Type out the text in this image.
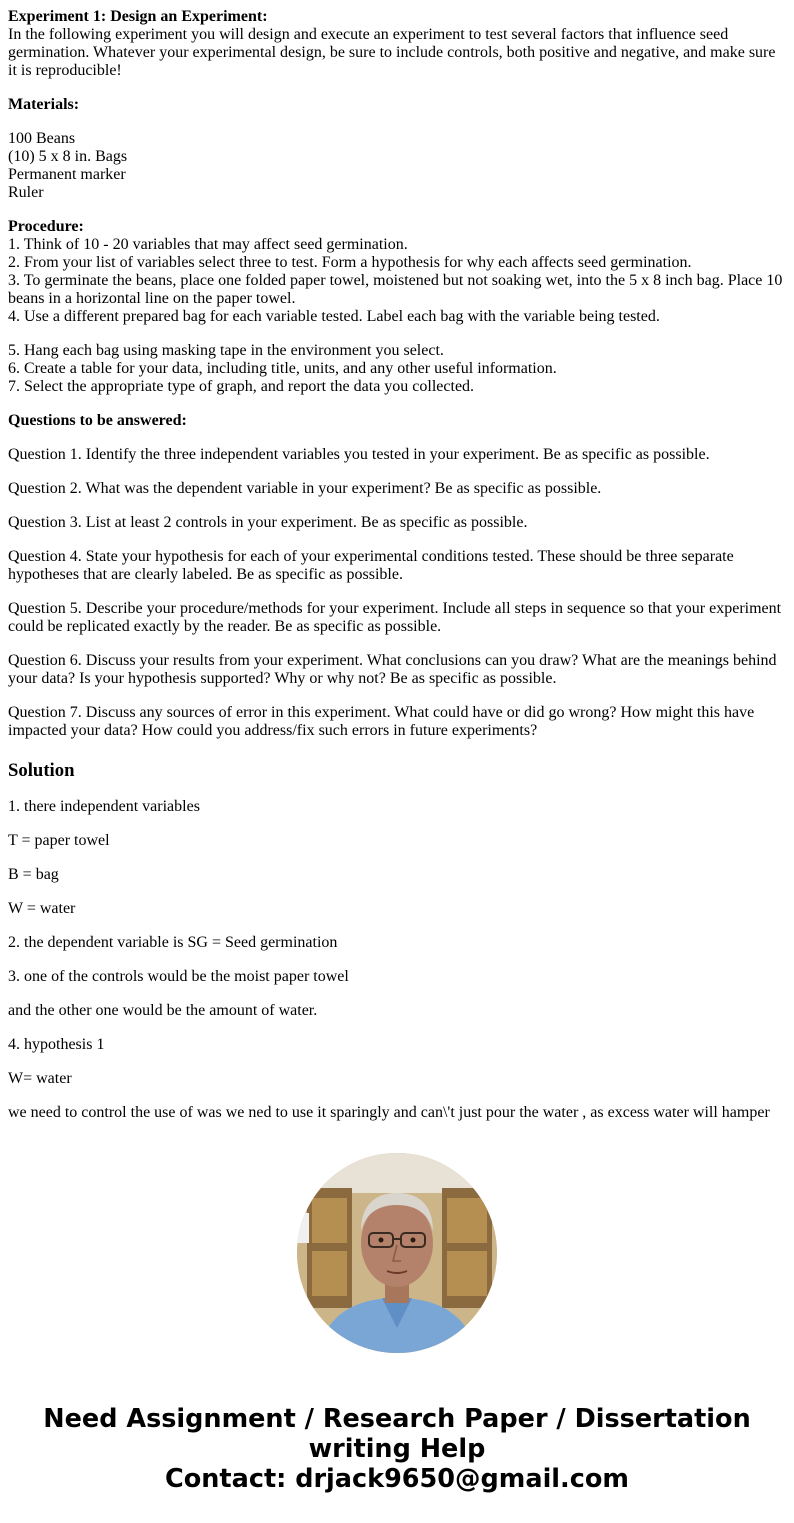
Experiment 1: Design an Experiment:
In the following experiment you will design and execute an experiment to test several factors that influence seed germination. Whatever your experimental design, be sure to include controls, both positive and negative, and make sure it is reproducible!

Materials:

100 Beans
(10) 5 x 8 in. Bags
Permanent marker
Ruler

Procedure:
1. Think of 10 - 20 variables that may affect seed germination.
2. From your list of variables select three to test. Form a hypothesis for why each affects seed germination.
3. To germinate the beans, place one folded paper towel, moistened but not soaking wet, into the 5 x 8 inch bag. Place 10 beans in a horizontal line on the paper towel.
4. Use a different prepared bag for each variable tested. Label each bag with the variable being tested.

5. Hang each bag using masking tape in the environment you select.
6. Create a table for your data, including title, units, and any other useful information.
7. Select the appropriate type of graph, and report the data you collected.

Questions to be answered:

Question 1. Identify the three independent variables you tested in your experiment. Be as specific as possible.

Question 2. What was the dependent variable in your experiment? Be as specific as possible.

Question 3. List at least 2 controls in your experiment. Be as specific as possible.

Question 4. State your hypothesis for each of your experimental conditions tested. These should be three separate hypotheses that are clearly labeled. Be as specific as possible.

Question 5. Describe your procedure/methods for your experiment. Include all steps in sequence so that your experiment could be replicated exactly by the reader. Be as specific as possible.

Question 6. Discuss your results from your experiment. What conclusions can you draw? What are the meanings behind your data? Is your hypothesis supported? Why or why not? Be as specific as possible.

Question 7. Discuss any sources of error in this experiment. What could have or did go wrong? How might this have impacted your data? How could you address/fix such errors in future experiments?

Solution

1. there independent variables

T = paper towel

B = bag

W = water

2. the dependent variable is SG = Seed germination

3. one of the controls would be the moist paper towel

and the other one would be the amount of water.

4. hypothesis 1

W= water

we need to control the use of was we ned to use it sparingly and can\'t just pour the water , as excess water will hamper

Need Assignment / Research Paper / Dissertation
writing Help
Contact: drjack9650@gmail.com
